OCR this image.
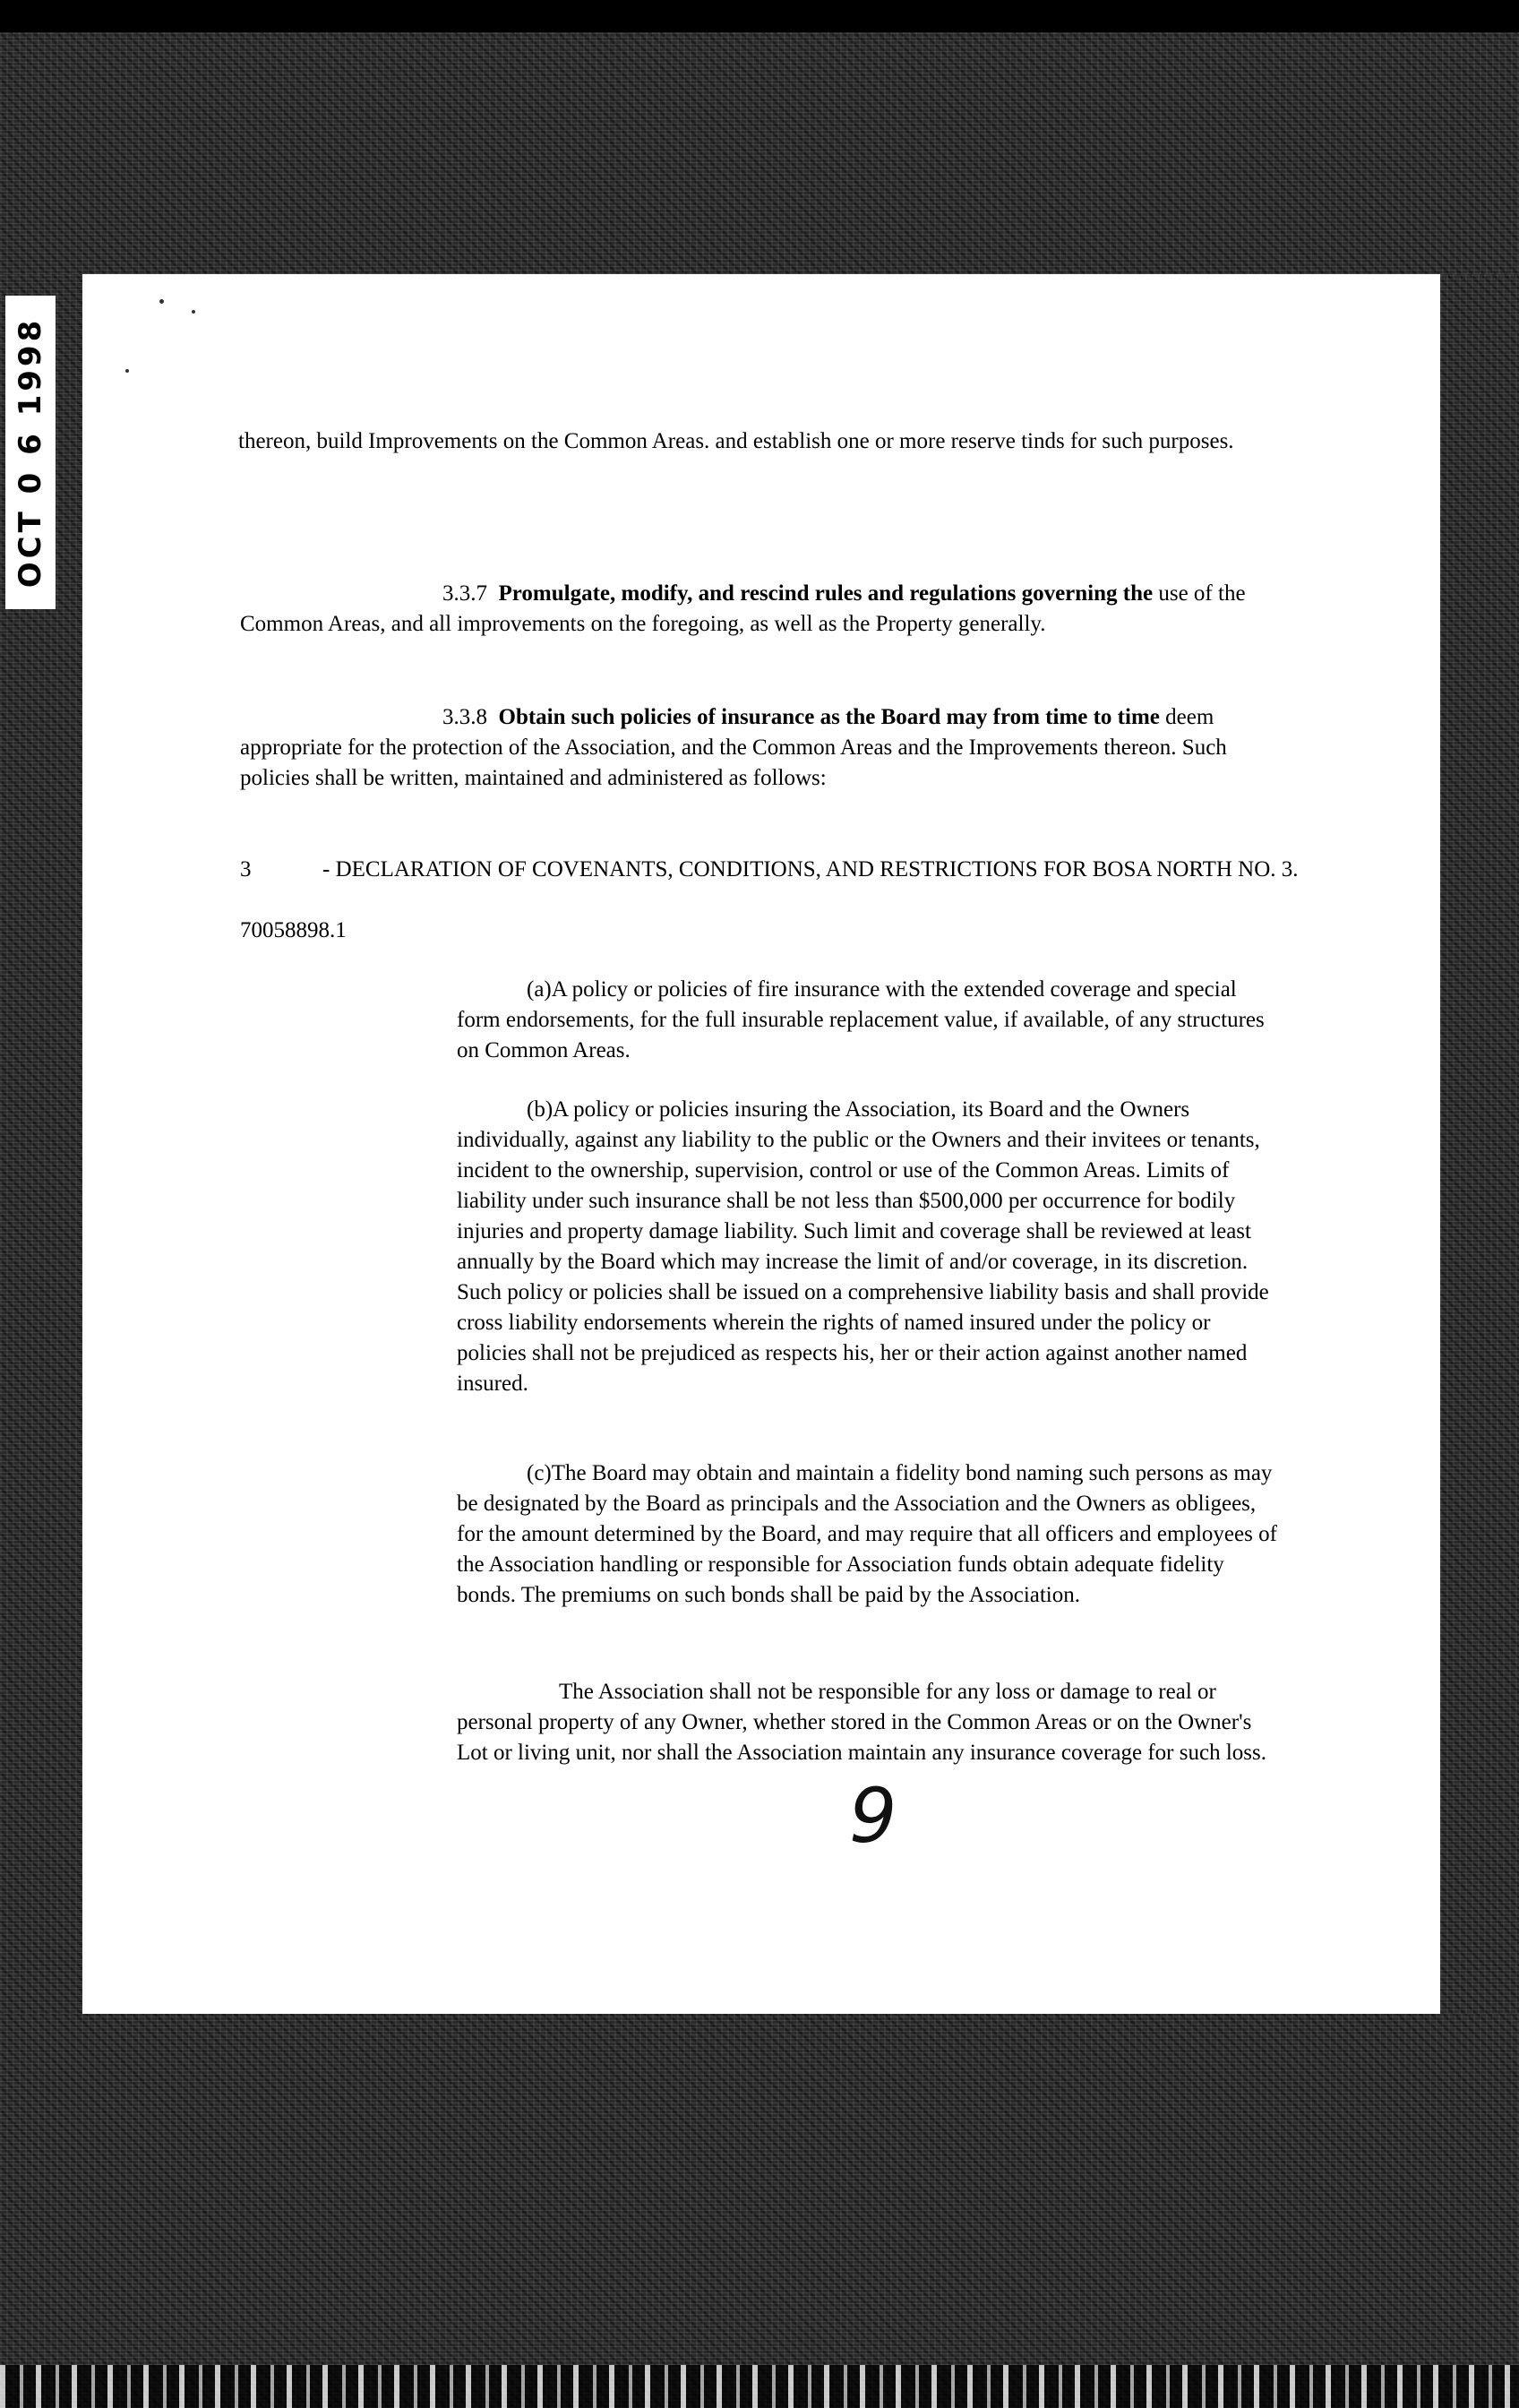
OCT 0 6 1998	thereon, build Improvements on the Common Areas. and establish one or more reserve tinds for such purposes.

3.3.7 Promulgate, modify, and rescind rules and regulations governing the use of the Common Areas, and all improvements on the foregoing, as well as the Property generally.

3.3.8 Obtain such policies of insurance as the Board may from time to time deem appropriate for the protection of the Association, and the Common Areas and the Improvements thereon. Such policies shall be written, maintained and administered as follows:

3	- DECLARATION OF COVENANTS, CONDITIONS, AND RESTRICTIONS FOR BOSA NORTH NO. 3.
70058898.1

(a)A policy or policies of fire insurance with the extended coverage and special form endorsements, for the full insurable replacement value, if available, of any structures on Common Areas.

(b)A policy or policies insuring the Association, its Board and the Owners individually, against any liability to the public or the Owners and their invitees or tenants, incident to the ownership, supervision, control or use of the Common Areas. Limits of liability under such insurance shall be not less than $500,000 per occurrence for bodily injuries and property damage liability. Such limit and coverage shall be reviewed at least annually by the Board which may increase the limit of and/or coverage, in its discretion. Such policy or policies shall be issued on a comprehensive liability basis and shall provide cross liability endorsements wherein the rights of named insured under the policy or policies shall not be prejudiced as respects his, her or their action against another named insured.

(c)The Board may obtain and maintain a fidelity bond naming such persons as may be designated by the Board as principals and the Association and the Owners as obligees, for the amount determined by the Board, and may require that all officers and employees of the Association handling or responsible for Association funds obtain adequate fidelity bonds. The premiums on such bonds shall be paid by the Association.

The Association shall not be responsible for any loss or damage to real or personal property of any Owner, whether stored in the Common Areas or on the Owner's Lot or living unit, nor shall the Association maintain any insurance coverage for such loss.

9
